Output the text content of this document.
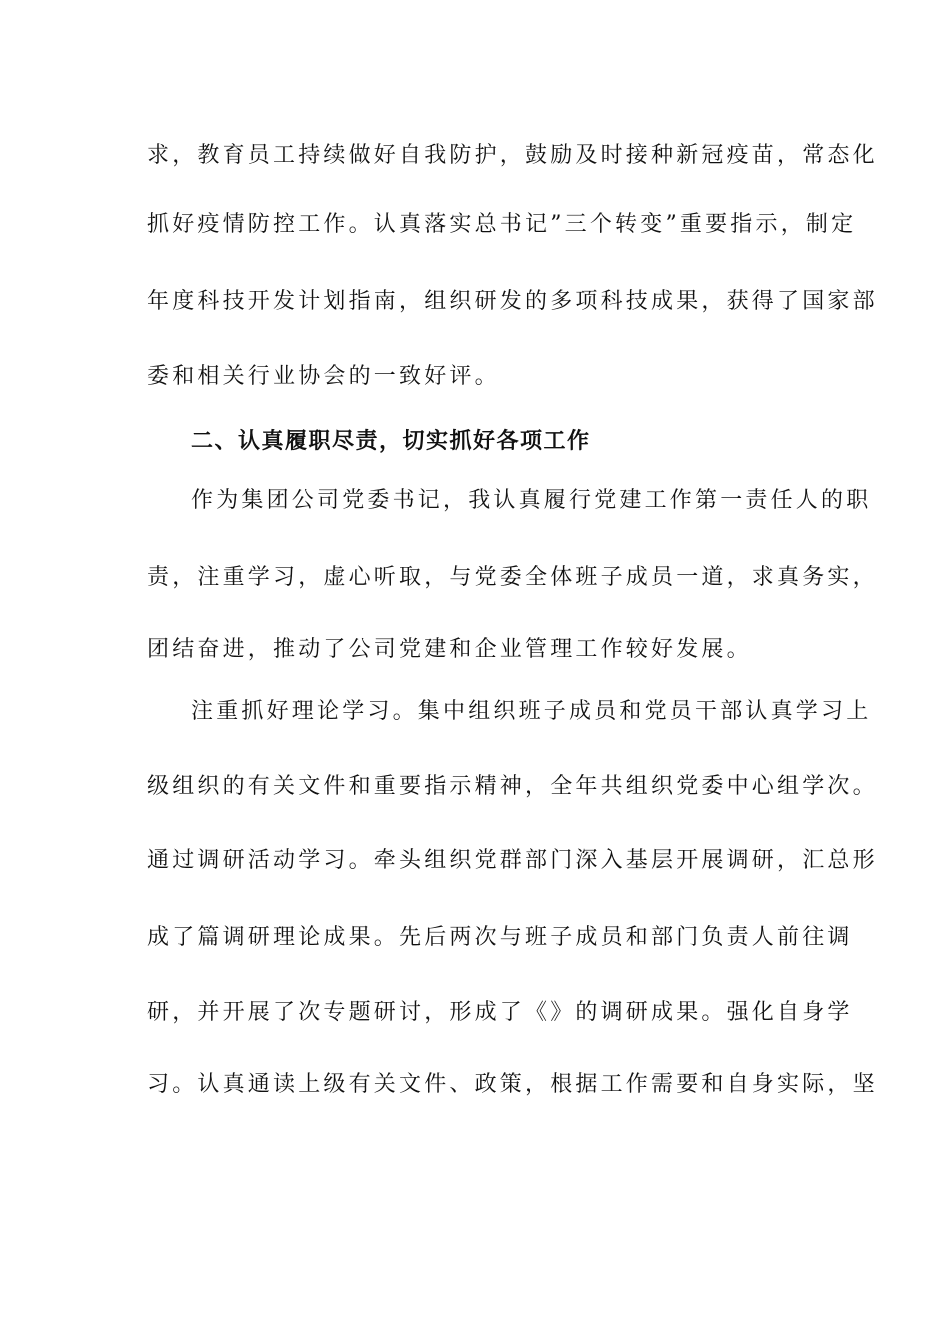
求，教育员工持续做好自我防护，鼓励及时接种新冠疫苗，常态化
抓好疫情防控工作。认真落实总书记”三个转变”重要指示，制定
年度科技开发计划指南，组织研发的多项科技成果，获得了国家部
委和相关行业协会的一致好评。
二、认真履职尽责，切实抓好各项工作
作为集团公司党委书记，我认真履行党建工作第一责任人的职
责，注重学习，虚心听取，与党委全体班子成员一道，求真务实，
团结奋进，推动了公司党建和企业管理工作较好发展。
注重抓好理论学习。集中组织班子成员和党员干部认真学习上
级组织的有关文件和重要指示精神，全年共组织党委中心组学次。
通过调研活动学习。牵头组织党群部门深入基层开展调研，汇总形
成了篇调研理论成果。先后两次与班子成员和部门负责人前往调
研，并开展了次专题研讨，形成了《》的调研成果。强化自身学
习。认真通读上级有关文件、政策，根据工作需要和自身实际，坚
